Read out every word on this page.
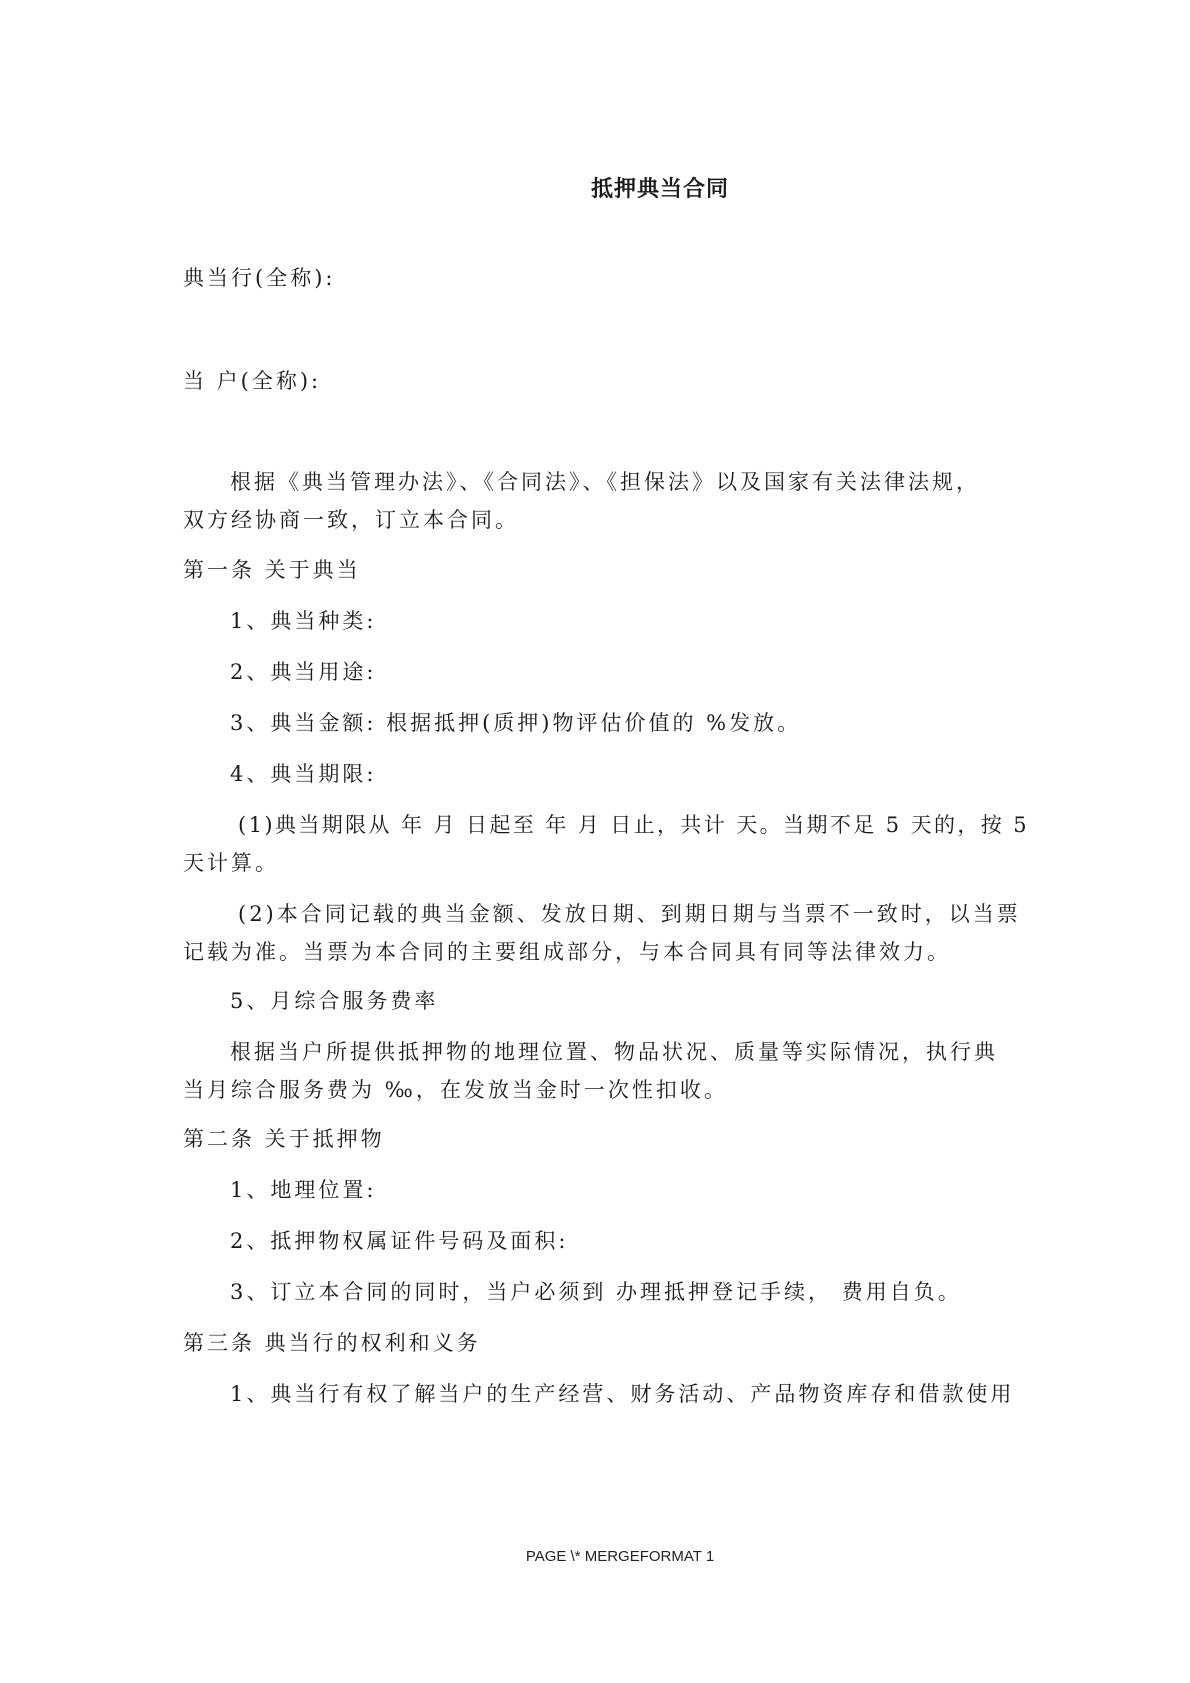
抵押典当合同
典当行(全称):
当 户(全称):
根据《典当管理办法》、《合同法》、《担保法》以及国家有关法律法规，
双方经协商一致，订立本合同。
第一条 关于典当
1、典当种类:
2、典当用途:
3、典当金额: 根据抵押(质押)物评估价值的 %发放。
4、典当期限:
(1)典当期限从 年 月 日起至 年 月 日止，共计 天。当期不足 5 天的，按 5
天计算。
(2)本合同记载的典当金额、发放日期、到期日期与当票不一致时，以当票
记载为准。当票为本合同的主要组成部分，与本合同具有同等法律效力。
5、月综合服务费率
根据当户所提供抵押物的地理位置、物品状况、质量等实际情况，执行典
当月综合服务费为 ‰，在发放当金时一次性扣收。
第二条 关于抵押物
1、地理位置:
2、抵押物权属证件号码及面积:
3、订立本合同的同时，当户必须到 办理抵押登记手续， 费用自负。
第三条 典当行的权利和义务
1、典当行有权了解当户的生产经营、财务活动、产品物资库存和借款使用
PAGE \* MERGEFORMAT 1
